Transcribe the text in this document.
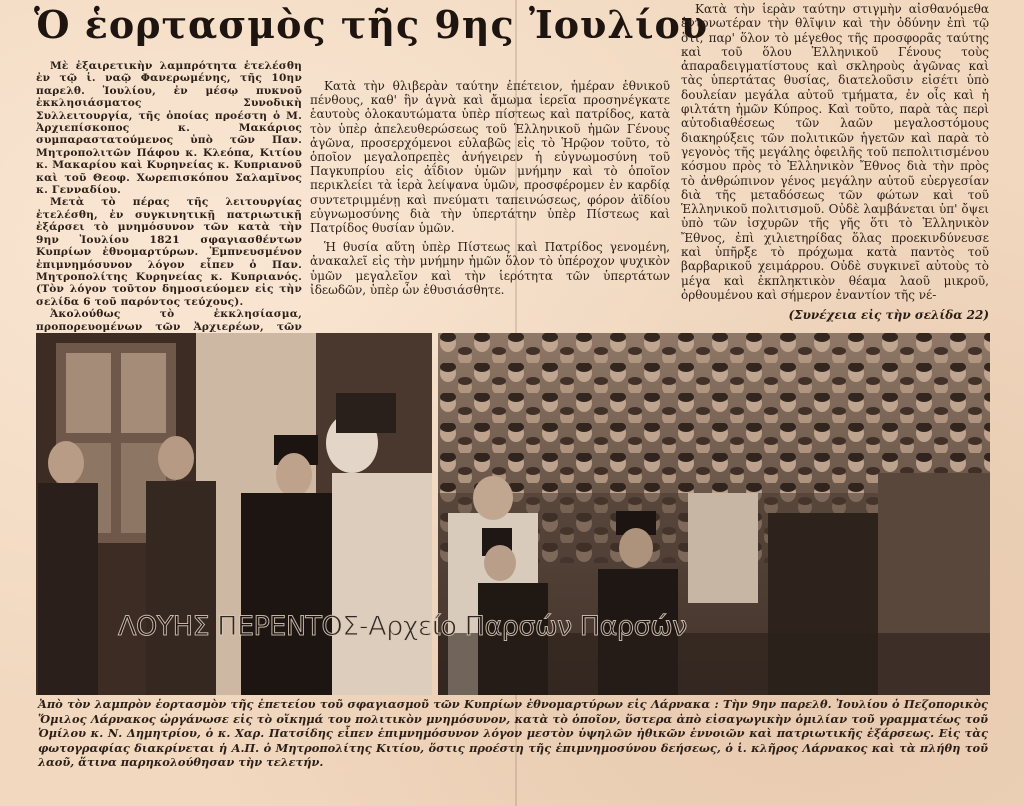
Ὁ ἑορτασμὸς τῆς 9ης Ἰουλίου

Μὲ ἐξαιρετικὴν λαμπρότητα ἐτελέσθη ἐν τῷ ἱ. ναῷ Φανερωμένης, τῆς 10ην παρελθ. Ἰουλίου, ἐν μέσῳ πυκνοῦ ἐκκλησιάσματος Συνοδικὴ Συλλειτουργία, τῆς ὁποίας προέστη ὁ Μ. Ἀρχιεπίσκοπος κ. Μακάριος συμπαραστατούμενος ὑπὸ τῶν Παν. Μητροπολιτῶν Πάφου κ. Κλεόπα, Κιτίου κ. Μακαρίου καὶ Κυρηνείας κ. Κυπριανοῦ καὶ τοῦ Θεοφ. Χωρεπισκόπου Σαλαμῖνος κ. Γενναδίου.

Μετὰ τὸ πέρας τῆς λειτουργίας ἐτελέσθη, ἐν συγκινητικῇ πατριωτικῇ ἐξάρσει τὸ μνημόσυνον τῶν κατὰ τὴν 9ην Ἰουλίου 1821 σφαγιασθέντων Κυπρίων ἐθνομαρτύρων. Ἐμπνευσμένον ἐπιμνημόσυνον λόγον εἶπεν ὁ Παν. Μητροπολίτης Κυρηνείας κ. Κυπριανός. (Τὸν λόγον τοῦτον δημοσιεύομεν εἰς τὴν σελίδα 6 τοῦ παρόντος τεύχους).

Ἀκολούθως τὸ ἐκκλησίασμα, προπορευομένων τῶν Ἀρχιερέων, τῶν

Κατὰ τὴν θλιβερὰν ταύτην ἐπέτειον, ἡμέραν ἐθνικοῦ πένθους, καθ' ἣν ἁγνὰ καὶ ἄμωμα ἱερεῖα προσηνέγκατε ἑαυτοὺς ὁλοκαυτώματα ὑπὲρ πίστεως καὶ πατρίδος, κατὰ τὸν ὑπὲρ ἀπελευθερώσεως τοῦ Ἑλληνικοῦ ἡμῶν Γένους ἀγῶνα, προσερχόμενοι εὐλαβῶς εἰς τὸ Ἡρῷον τοῦτο, τὸ ὁποῖον μεγαλοπρεπὲς ἀνήγειρεν ἡ εὐγνωμοσύνη τοῦ Παγκυπρίου εἰς ἀΐδιον ὑμῶν μνήμην καὶ τὸ ὁποῖον περικλείει τὰ ἱερὰ λείψανα ὑμῶν, προσφέρομεν ἐν καρδίᾳ συντετριμμένῃ καὶ πνεύματι ταπεινώσεως, φόρον ἀϊδίου εὐγνωμοσύνης διὰ τὴν ὑπερτάτην ὑπὲρ Πίστεως καὶ Πατρίδος θυσίαν ὑμῶν.

Ἡ θυσία αὕτη ὑπὲρ Πίστεως καὶ Πατρίδος γενομένη, ἀνακαλεῖ εἰς τὴν μνήμην ἡμῶν ὅλον τὸ ὑπέροχον ψυχικὸν ὑμῶν μεγαλεῖον καὶ τὴν ἱερότητα τῶν ὑπερτάτων ἰδεωδῶν, ὑπὲρ ὧν ἐθυσιάσθητε.

Κατὰ τὴν ἱερὰν ταύτην στιγμὴν αἰσθανόμεθα ἐντονωτέραν τὴν θλῖψιν καὶ τὴν ὀδύνην ἐπὶ τῷ ὅτι, παρ' ὅλον τὸ μέγεθος τῆς προσφορᾶς ταύτης καὶ τοῦ ὅλου Ἑλληνικοῦ Γένους τοὺς ἀπαραδειγματίστους καὶ σκληροὺς ἀγῶνας καὶ τὰς ὑπερτάτας θυσίας, διατελοῦσιν εἰσέτι ὑπὸ δουλείαν μεγάλα αὐτοῦ τμήματα, ἐν οἷς καὶ ἡ φιλτάτη ἡμῶν Κύπρος. Καὶ τοῦτο, παρὰ τὰς περὶ αὐτοδιαθέσεως τῶν λαῶν μεγαλοστόμους διακηρύξεις τῶν πολιτικῶν ἡγετῶν καὶ παρὰ τὸ γεγονὸς τῆς μεγάλης ὀφειλῆς τοῦ πεπολιτισμένου κόσμου πρὸς τὸ Ἑλληνικὸν Ἔθνος διὰ τὴν πρὸς τὸ ἀνθρώπινον γένος μεγάλην αὐτοῦ εὐεργεσίαν διὰ τῆς μεταδόσεως τῶν φώτων καὶ τοῦ Ἑλληνικοῦ πολιτισμοῦ. Οὐδὲ λαμβάνεται ὑπ' ὄψει ὑπὸ τῶν ἰσχυρῶν τῆς γῆς ὅτι τὸ Ἑλληνικὸν Ἔθνος, ἐπὶ χιλιετηρίδας ὅλας προεκινδύνευσε καὶ ὑπῆρξε τὸ πρόχωμα κατὰ παντὸς τοῦ βαρβαρικοῦ χειμάρρου. Οὐδὲ συγκινεῖ αὐτοὺς τὸ μέγα καὶ ἐκπληκτικὸν θέαμα λαοῦ μικροῦ, ὀρθουμένου καὶ σήμερον ἐναντίον τῆς νέ-

(Συνέχεια εἰς τὴν σελίδα 22)
ΛΟΥΗΣ ΠΕΡΕΝΤΟΣ-Αρχείο Παρσών Παρσών
Ἀπὸ τὸν λαμπρὸν ἑορτασμὸν τῆς ἐπετείου τοῦ σφαγιασμοῦ τῶν Κυπρίων ἐθνομαρτύρων εἰς Λάρνακα : Τὴν 9ην παρελθ. Ἰουλίου ὁ Πεζοπορικὸς Ὅμιλος Λάρνακος ὠργάνωσε εἰς τὸ οἴκημά του πολιτικὸν μνημόσυνον, κατὰ τὸ ὁποῖον, ὕστερα ἀπὸ εἰσαγωγικὴν ὁμιλίαν τοῦ γραμματέως τοῦ Ὁμίλου κ. Ν. Δημητρίου, ὁ κ. Χαρ. Πατσίδης εἶπεν ἐπιμνημόσυνον λόγον μεστὸν ὑψηλῶν ἠθικῶν ἐννοιῶν καὶ πατριωτικῆς ἐξάρσεως. Εἰς τὰς φωτογραφίας διακρίνεται ἡ Α.Π. ὁ Μητροπολίτης Κιτίου, ὅστις προέστη τῆς ἐπιμνημοσύνου δεήσεως, ὁ ἱ. κλῆρος Λάρνακος καὶ τὰ πλήθη τοῦ λαοῦ, ἅτινα παρηκολούθησαν τὴν τελετήν.
